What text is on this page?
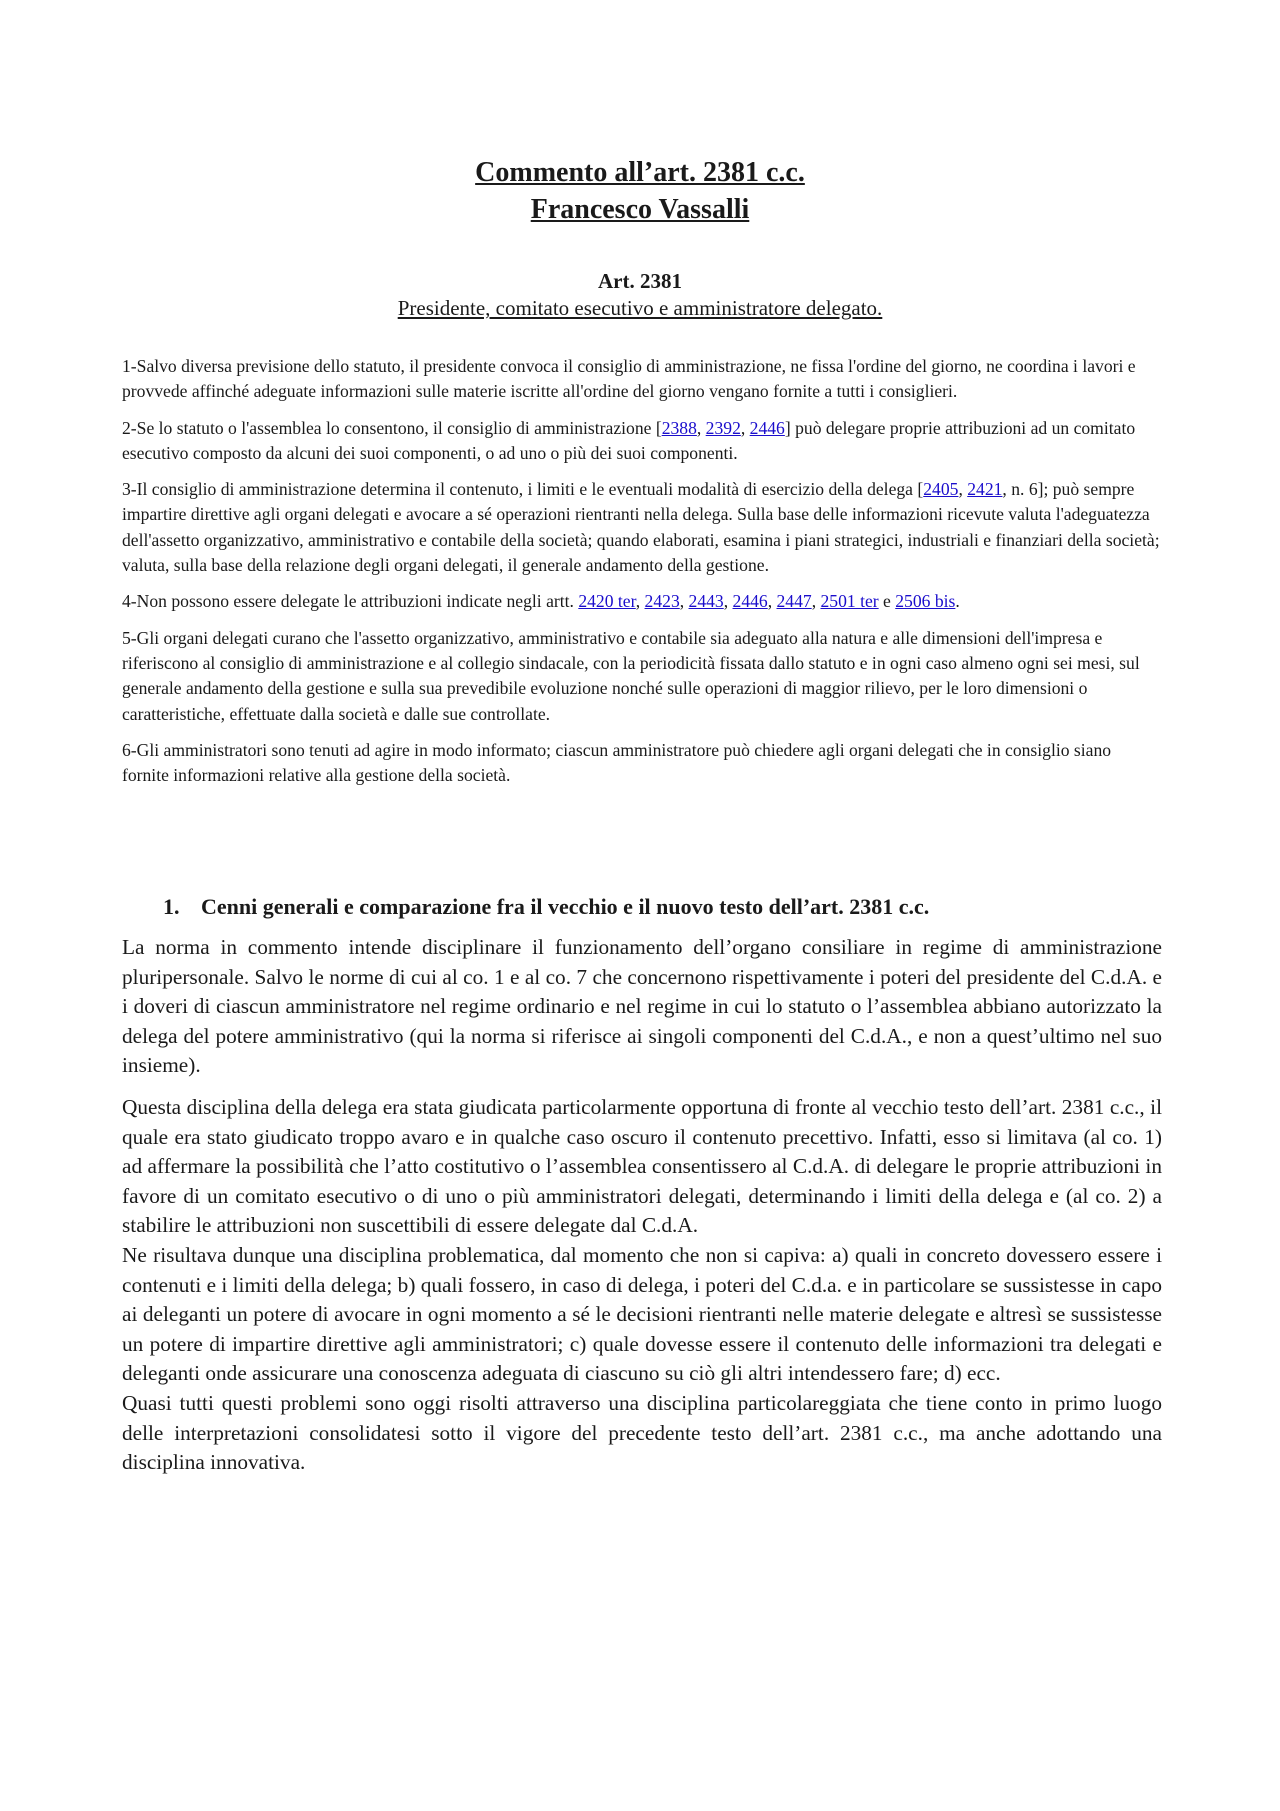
Commento all’art. 2381 c.c.
Francesco Vassalli
Art. 2381
Presidente, comitato esecutivo e amministratore delegato.

1-Salvo diversa previsione dello statuto, il presidente convoca il consiglio di amministrazione, ne fissa l'ordine del giorno, ne coordina i lavori e provvede affinché adeguate informazioni sulle materie iscritte all'ordine del giorno vengano fornite a tutti i consiglieri.

2-Se lo statuto o l'assemblea lo consentono, il consiglio di amministrazione [2388, 2392, 2446] può delegare proprie attribuzioni ad un comitato esecutivo composto da alcuni dei suoi componenti, o ad uno o più dei suoi componenti.

3-Il consiglio di amministrazione determina il contenuto, i limiti e le eventuali modalità di esercizio della delega [2405, 2421, n. 6]; può sempre impartire direttive agli organi delegati e avocare a sé operazioni rientranti nella delega. Sulla base delle informazioni ricevute valuta l'adeguatezza dell'assetto organizzativo, amministrativo e contabile della società; quando elaborati, esamina i piani strategici, industriali e finanziari della società; valuta, sulla base della relazione degli organi delegati, il generale andamento della gestione.

4-Non possono essere delegate le attribuzioni indicate negli artt. 2420 ter, 2423, 2443, 2446, 2447, 2501 ter e 2506 bis.

5-Gli organi delegati curano che l'assetto organizzativo, amministrativo e contabile sia adeguato alla natura e alle dimensioni dell'impresa e riferiscono al consiglio di amministrazione e al collegio sindacale, con la periodicità fissata dallo statuto e in ogni caso almeno ogni sei mesi, sul generale andamento della gestione e sulla sua prevedibile evoluzione nonché sulle operazioni di maggior rilievo, per le loro dimensioni o caratteristiche, effettuate dalla società e dalle sue controllate.

6-Gli amministratori sono tenuti ad agire in modo informato; ciascun amministratore può chiedere agli organi delegati che in consiglio siano fornite informazioni relative alla gestione della società.

1. Cenni generali e comparazione fra il vecchio e il nuovo testo dell’art. 2381 c.c.

La norma in commento intende disciplinare il funzionamento dell’organo consiliare in regime di amministrazione pluripersonale. Salvo le norme di cui al co. 1 e al co. 7 che concernono rispettivamente i poteri del presidente del C.d.A. e i doveri di ciascun amministratore nel regime ordinario e nel regime in cui lo statuto o l’assemblea abbiano autorizzato la delega del potere amministrativo (qui la norma si riferisce ai singoli componenti del C.d.A., e non a quest’ultimo nel suo insieme).

Questa disciplina della delega era stata giudicata particolarmente opportuna di fronte al vecchio testo dell’art. 2381 c.c., il quale era stato giudicato troppo avaro e in qualche caso oscuro il contenuto precettivo. Infatti, esso si limitava (al co. 1) ad affermare la possibilità che l’atto costitutivo o l’assemblea consentissero al C.d.A. di delegare le proprie attribuzioni in favore di un comitato esecutivo o di uno o più amministratori delegati, determinando i limiti della delega e (al co. 2) a stabilire le attribuzioni non suscettibili di essere delegate dal C.d.A.

Ne risultava dunque una disciplina problematica, dal momento che non si capiva: a) quali in concreto dovessero essere i contenuti e i limiti della delega; b) quali fossero, in caso di delega, i poteri del C.d.a. e in particolare se sussistesse in capo ai deleganti un potere di avocare in ogni momento a sé le decisioni rientranti nelle materie delegate e altresì se sussistesse un potere di impartire direttive agli amministratori; c) quale dovesse essere il contenuto delle informazioni tra delegati e deleganti onde assicurare una conoscenza adeguata di ciascuno su ciò gli altri intendessero fare; d) ecc.

Quasi tutti questi problemi sono oggi risolti attraverso una disciplina particolareggiata che tiene conto in primo luogo delle interpretazioni consolidatesi sotto il vigore del precedente testo dell’art. 2381 c.c., ma anche adottando una disciplina innovativa.
